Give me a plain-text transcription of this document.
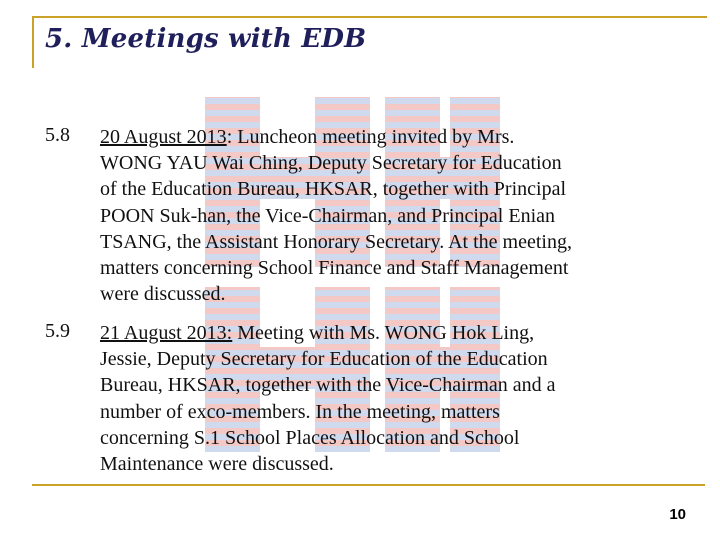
5. Meetings with EDB
5.8	20 August 2013: Luncheon meeting invited by Mrs.
WONG YAU Wai Ching, Deputy Secretary for Education
of the Education Bureau, HKSAR, together with Principal
POON Suk-han, the Vice-Chairman, and Principal Enian
TSANG, the Assistant Honorary Secretary. At the meeting,
matters concerning School Finance and Staff Management
were discussed.
5.9	21 August 2013: Meeting with Ms. WONG Hok Ling,
Jessie, Deputy Secretary for Education of the Education
Bureau, HKSAR, together with the Vice-Chairman and a
number of exco-members. In the meeting, matters
concerning S.1 School Places Allocation and School
Maintenance were discussed.
10
